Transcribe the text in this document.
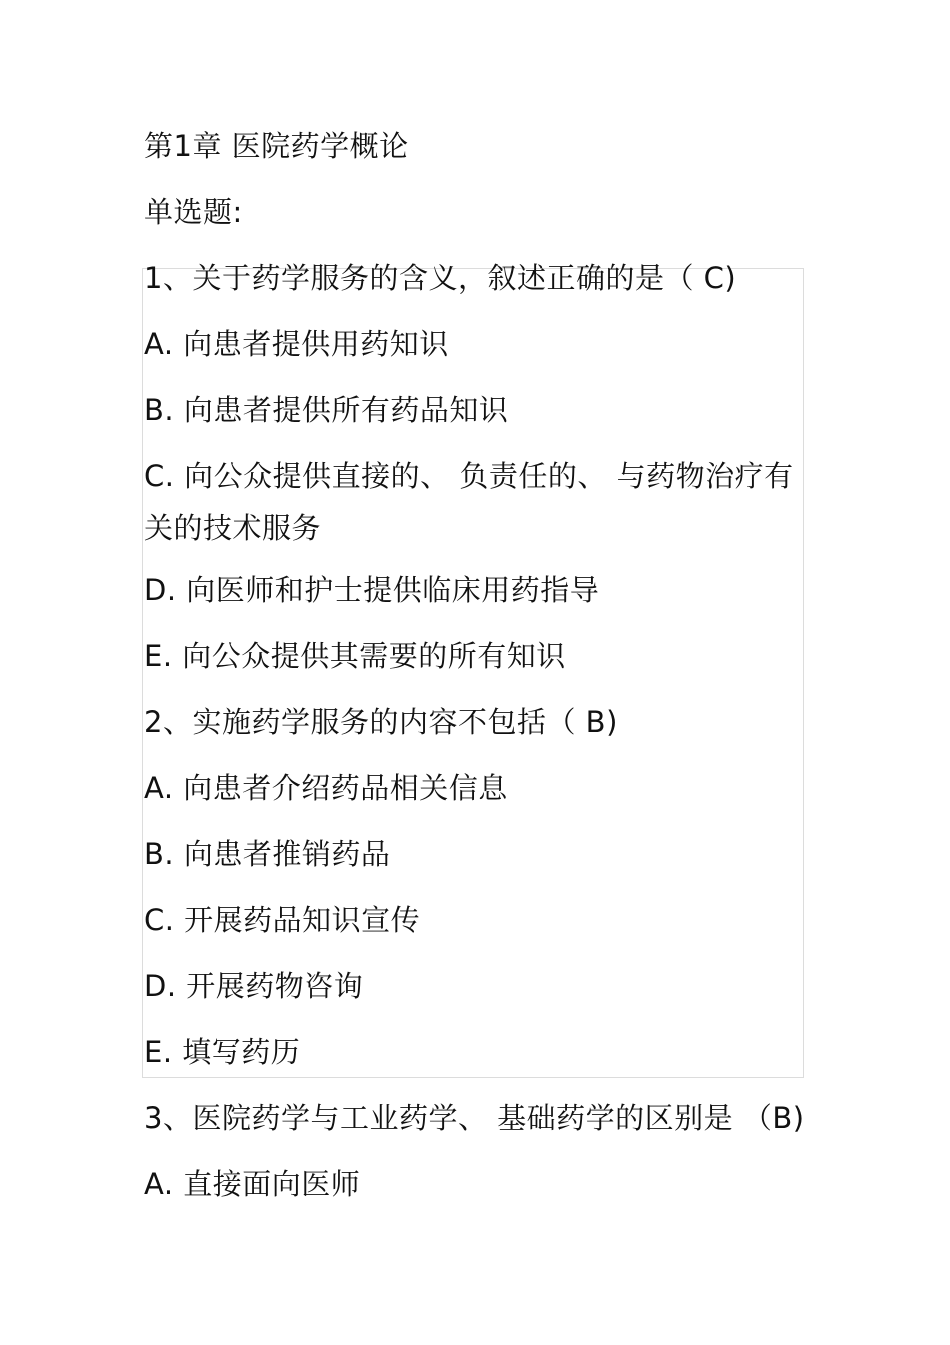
第1章 医院药学概论
单选题:
1、关于药学服务的含义，叙述正确的是（ C)
A. 向患者提供用药知识
B. 向患者提供所有药品知识
C. 向公众提供直接的、 负责任的、 与药物治疗有关的技术服务
D. 向医师和护士提供临床用药指导
E. 向公众提供其需要的所有知识
2、实施药学服务的内容不包括（ B)
A. 向患者介绍药品相关信息
B. 向患者推销药品
C. 开展药品知识宣传
D. 开展药物咨询
E. 填写药历
3、医院药学与工业药学、 基础药学的区别是 （B)
A. 直接面向医师
